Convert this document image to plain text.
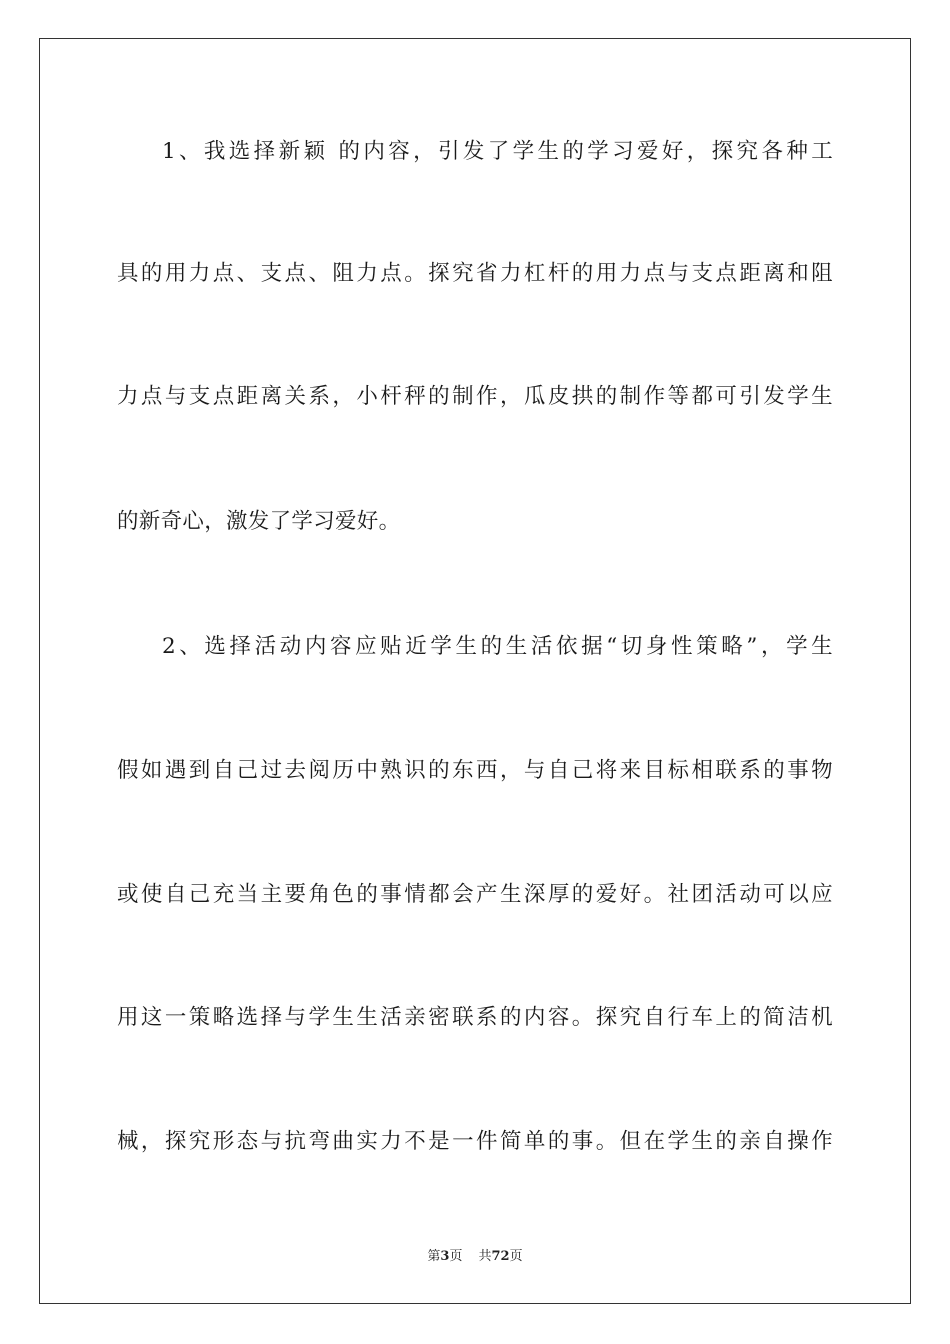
1、我选择新颖 的内容，引发了学生的学习爱好，探究各种工
具的用力点、支点、阻力点。探究省力杠杆的用力点与支点距离和阻
力点与支点距离关系，小杆秤的制作，瓜皮拱的制作等都可引发学生
的新奇心，激发了学习爱好。
2、选择活动内容应贴近学生的生活依据“切身性策略”，学生
假如遇到自己过去阅历中熟识的东西，与自己将来目标相联系的事物
或使自己充当主要角色的事情都会产生深厚的爱好。社团活动可以应
用这一策略选择与学生生活亲密联系的内容。探究自行车上的简洁机
械，探究形态与抗弯曲实力不是一件简单的事。但在学生的亲自操作
第3页 共72页
